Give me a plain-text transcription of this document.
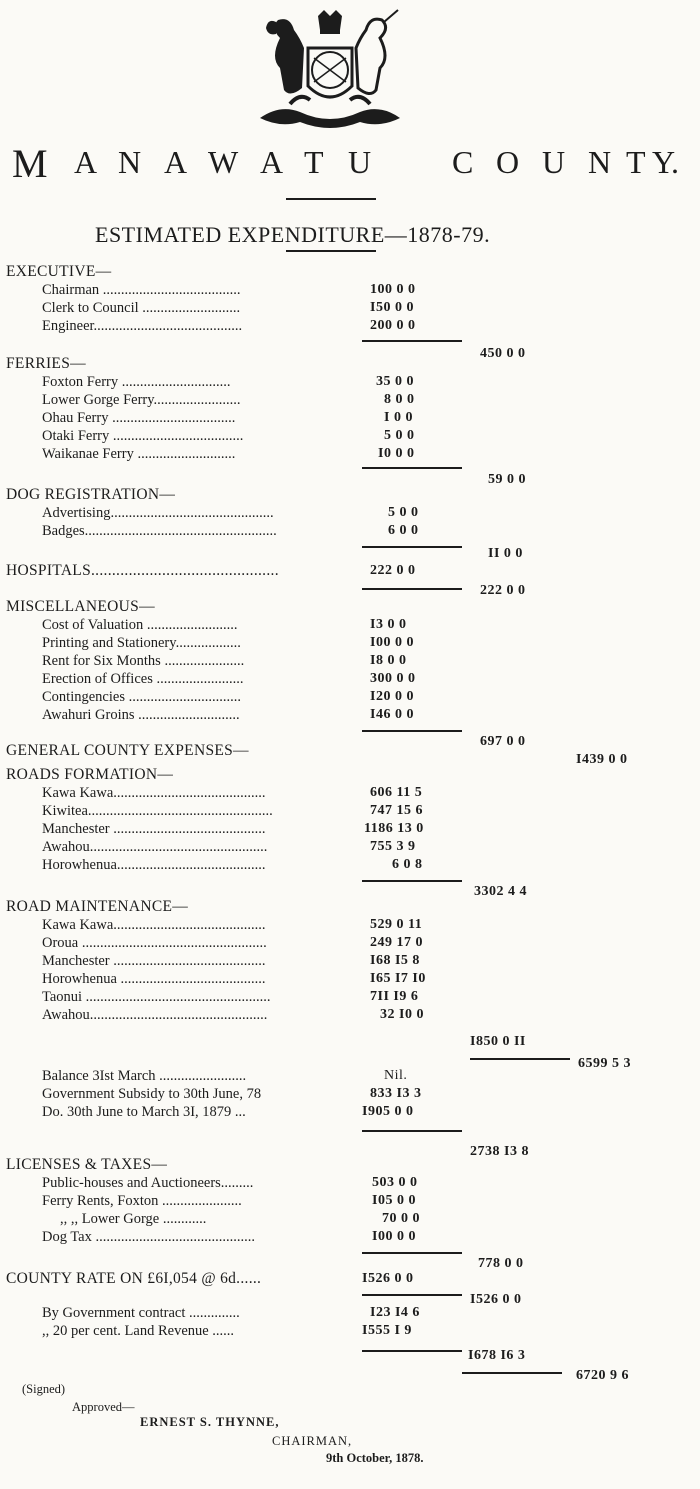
M A N A W A T U	C O U N T Y.
ESTIMATED EXPENDITURE—1878-79.
EXECUTIVE—
Chairman ......................................	100 0 0
Clerk to Council ...........................	I50 0 0
Engineer.........................................	200 0 0
450 0 0
FERRIES—
Foxton Ferry ..............................	35 0 0
Lower Gorge Ferry........................	8 0 0
Ohau Ferry ..................................	I 0 0
Otaki Ferry ....................................	5 0 0
Waikanae Ferry ...........................	I0 0 0
59 0 0
DOG REGISTRATION—
Advertising.............................................	5 0 0
Badges.....................................................	6 0 0
II 0 0
HOSPITALS.............................................	222 0 0
222 0 0
MISCELLANEOUS—
Cost of Valuation .........................	I3 0 0
Printing and Stationery..................	I00 0 0
Rent for Six Months ......................	I8 0 0
Erection of Offices ........................	300 0 0
Contingencies ...............................	I20 0 0
Awahuri Groins ............................	I46 0 0
697 0 0
GENERAL COUNTY EXPENSES—
I439 0 0
ROADS FORMATION—
Kawa Kawa..........................................	606 11 5
Kiwitea...................................................	747 15 6
Manchester ..........................................	1186 13 0
Awahou.................................................	755 3 9
Horowhenua.........................................	6 0 8
3302 4 4
ROAD MAINTENANCE—
Kawa Kawa..........................................	529 0 11
Oroua ...................................................	249 17 0
Manchester ..........................................	I68 I5 8
Horowhenua ........................................	I65 I7 I0
Taonui ...................................................	7II I9 6
Awahou.................................................	32 I0 0
I850 0 II
6599 5 3
Balance 3Ist March ........................	Nil.
Government Subsidy to 30th June, 78	833 I3 3
Do. 30th June to March 3I, 1879 ...	I905 0 0
2738 I3 8
LICENSES & TAXES—
Public-houses and Auctioneers.........	503 0 0
Ferry Rents, Foxton ......................	I05 0 0
,, ,, Lower Gorge ............	70 0 0
Dog Tax ............................................	I00 0 0
778 0 0
COUNTY RATE ON £6I,054 @ 6d......	I526 0 0
I526 0 0
By Government contract ..............	I23 I4 6
,, 20 per cent. Land Revenue ......	I555 I 9
I678 I6 3
6720 9 6
(Signed)
Approved—
ERNEST S. THYNNE,
CHAIRMAN,
9th October, 1878.
